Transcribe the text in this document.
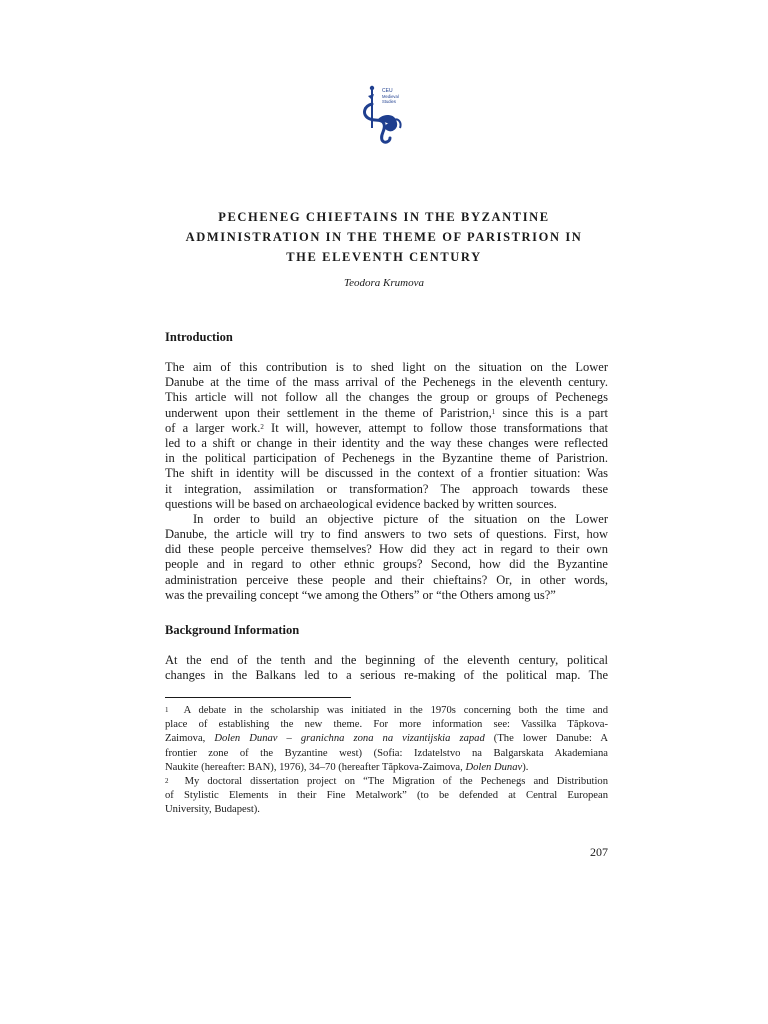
CEU
Medieval
Studies
PECHENEG CHIEFTAINS IN THE BYZANTINE
ADMINISTRATION IN THE THEME OF PARISTRION IN
THE ELEVENTH CENTURY
Teodora Krumova
Introduction
The aim of this contribution is to shed light on the situation on the Lower
Danube at the time of the mass arrival of the Pechenegs in the eleventh century.
This article will not follow all the changes the group or groups of Pechenegs
underwent upon their settlement in the theme of Paristrion,$^1$ since this is a part
of a larger work.$^2$ It will, however, attempt to follow those transformations that
led to a shift or change in their identity and the way these changes were reflected
in the political participation of Pechenegs in the Byzantine theme of Paristrion.
The shift in identity will be discussed in the context of a frontier situation: Was
it integration, assimilation or transformation? The approach towards these
questions will be based on archaeological evidence backed by written sources.
In order to build an objective picture of the situation on the Lower
Danube, the article will try to find answers to two sets of questions. First, how
did these people perceive themselves? How did they act in regard to their own
people and in regard to other ethnic groups? Second, how did the Byzantine
administration perceive these people and their chieftains? Or, in other words,
was the prevailing concept “we among the Others” or “the Others among us?”
Background Information
At the end of the tenth and the beginning of the eleventh century, political
changes in the Balkans led to a serious re-making of the political map. The
$^1$ A debate in the scholarship was initiated in the 1970s concerning both the time and
place of establishing the new theme. For more information see: Vassilka Tăpkova-
Zaimova, Dolen Dunav – granichna zona na vizantijskia zapad (The lower Danube: A
frontier zone of the Byzantine west) (Sofia: Izdatelstvo na Balgarskata Akademiana
Naukite (hereafter: BAN), 1976), 34–70 (hereafter Tăpkova-Zaimova, Dolen Dunav).
$^2$ My doctoral dissertation project on “The Migration of the Pechenegs and Distribution
of Stylistic Elements in their Fine Metalwork” (to be defended at Central European
University, Budapest).
207
